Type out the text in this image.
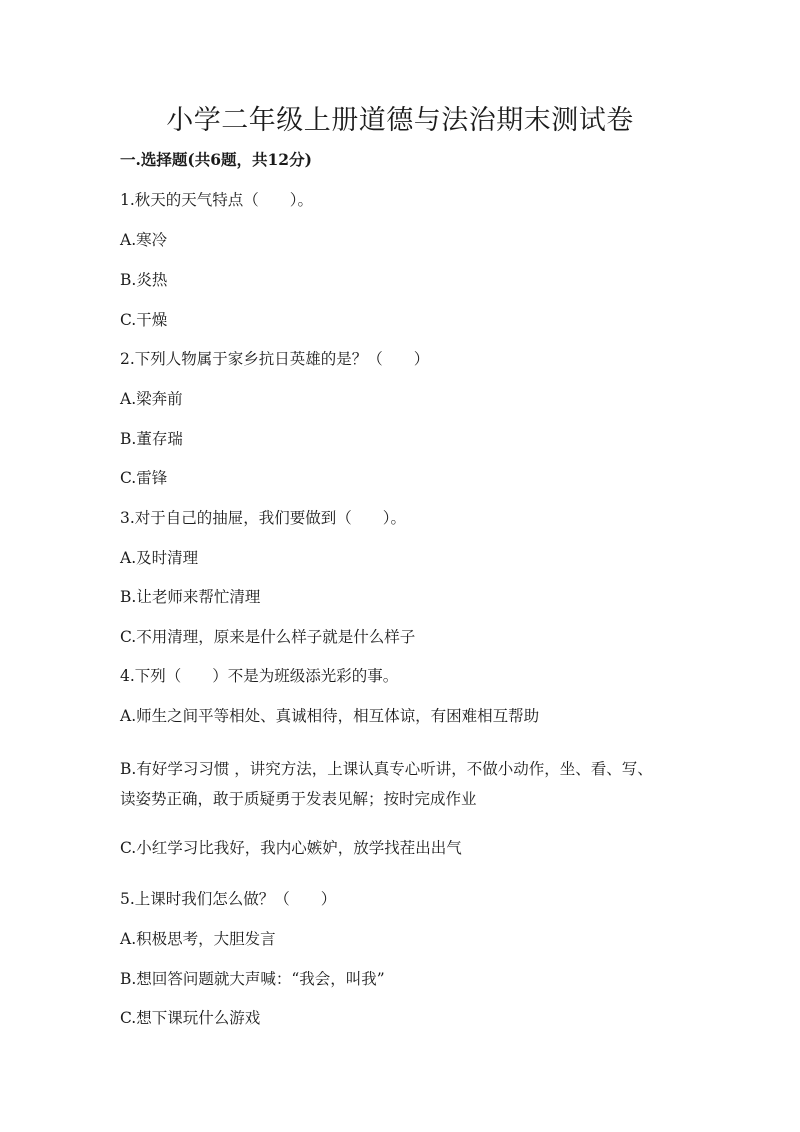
小学二年级上册道德与法治期末测试卷

一.选择题(共6题，共12分)

1.秋天的天气特点（　　）。

A.寒冷

B.炎热

C.干燥

2.下列人物属于家乡抗日英雄的是？（　　）

A.梁奔前

B.董存瑞

C.雷锋

3.对于自己的抽屉，我们要做到（　　）。

A.及时清理

B.让老师来帮忙清理

C.不用清理，原来是什么样子就是什么样子

4.下列（　　）不是为班级添光彩的事。

A.师生之间平等相处、真诚相待，相互体谅，有困难相互帮助

B.有好学习习惯 ，讲究方法，上课认真专心听讲，不做小动作，坐、看、写、

读姿势正确，敢于质疑勇于发表见解；按时完成作业

C.小红学习比我好，我内心嫉妒，放学找茬出出气

5.上课时我们怎么做？（　　）

A.积极思考，大胆发言

B.想回答问题就大声喊：“我会，叫我”

C.想下课玩什么游戏
